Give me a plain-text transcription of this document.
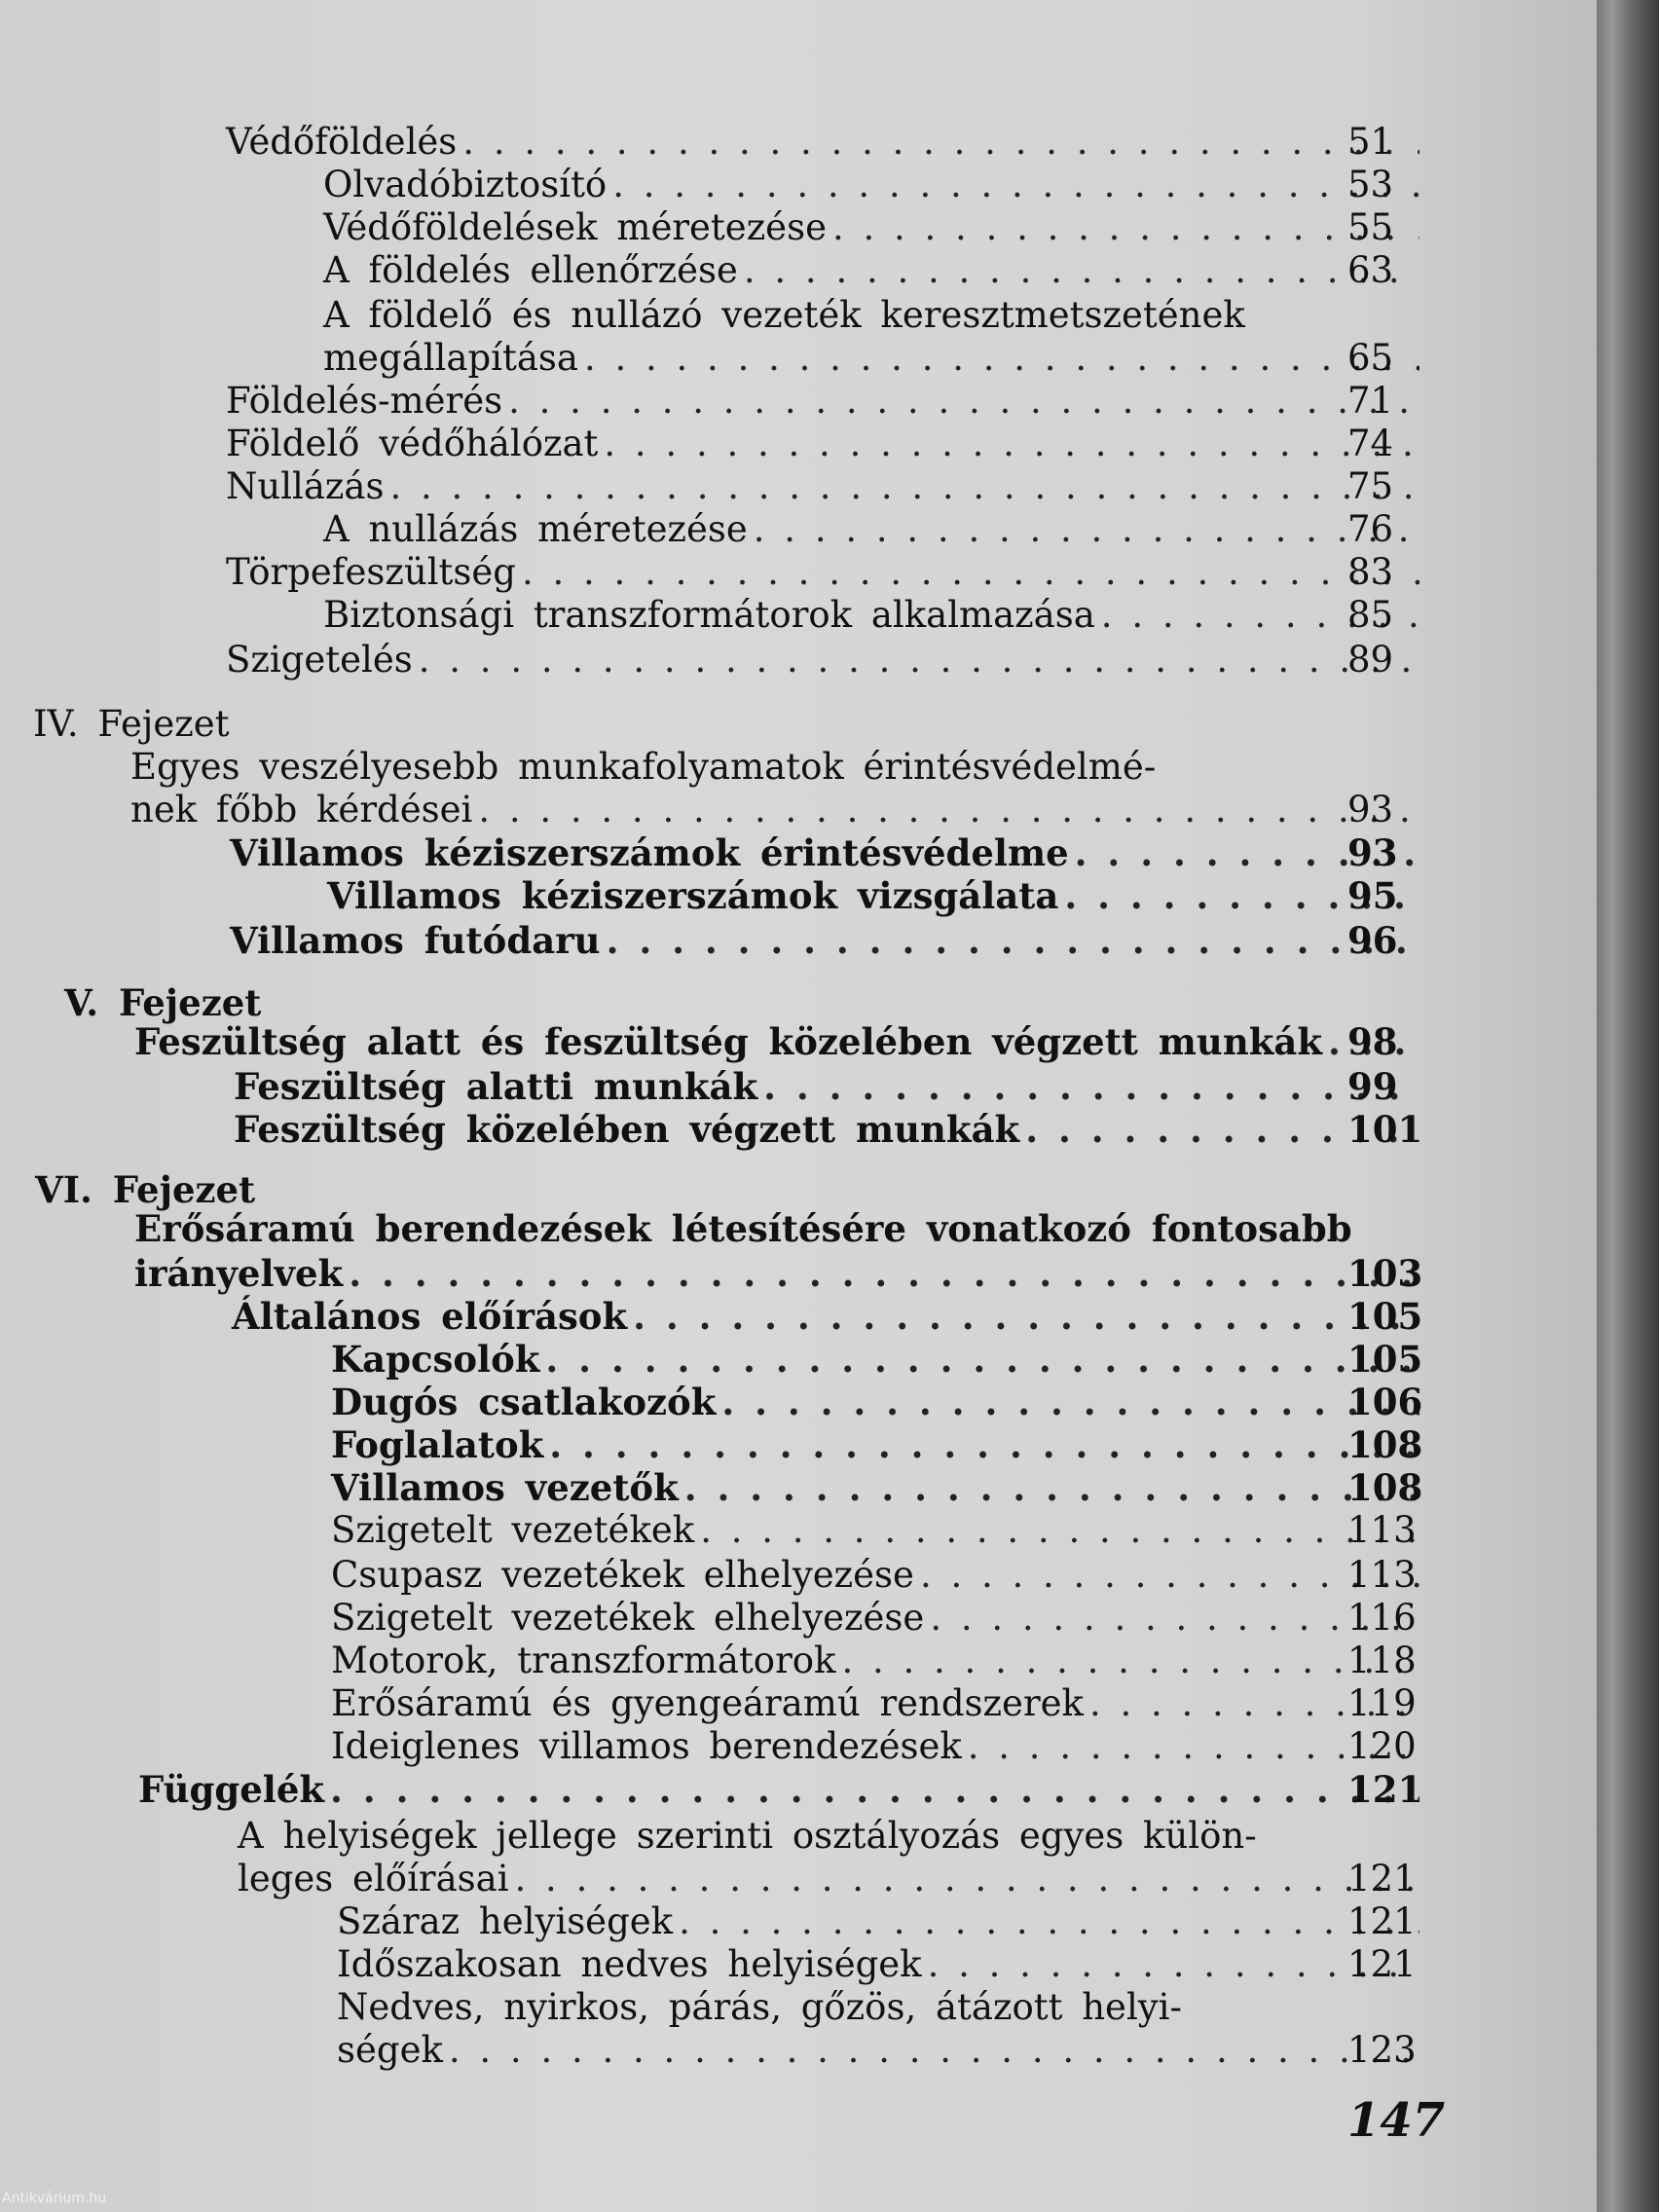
Védőföldelés . . .	51
Olvadóbiztosító . . .	53
Védőföldelések méretezése . . .	55
A földelés ellenőrzése . . .	63
A földelő és nullázó vezeték keresztmetszetének
megállapítása . . .	65
Földelés-mérés . . .	71
Földelő védőhálózat . . .	74
Nullázás . . .	75
A nullázás méretezése . . .	76
Törpefeszültség . . .	83
Biztonsági transzformátorok alkalmazása . . .	85
Szigetelés . . .	89
IV. Fejezet
Egyes veszélyesebb munkafolyamatok érintésvédelmé-
nek főbb kérdései . . .	93
Villamos kéziszerszámok érintésvédelme . . .	93
Villamos kéziszerszámok vizsgálata . . .	95
Villamos futódaru . . .	96
V. Fejezet
Feszültség alatt és feszültség közelében végzett munkák . . . 98
Feszültség alatti munkák . . .	99
Feszültség közelében végzett munkák . . .	101
VI. Fejezet
Erősáramú berendezések létesítésére vonatkozó fontosabb
irányelvek . . .	103
Általános előírások . . .	105
Kapcsolók . . .	105
Dugós csatlakozók . . .	106
Foglalatok . . .	108
Villamos vezetők . . .	108
Szigetelt vezetékek . . .	113
Csupasz vezetékek elhelyezése . . .	113
Szigetelt vezetékek elhelyezése . . .	116
Motorok, transzformátorok . . .	118
Erősáramú és gyengeáramú rendszerek . . .	119
Ideiglenes villamos berendezések . . .	120
Függelék . . .	121
A helyiségek jellege szerinti osztályozás egyes külön-
leges előírásai . . .	121
Száraz helyiségek . . .	121
Időszakosan nedves helyiségek . . .	121
Nedves, nyirkos, párás, gőzös, átázott helyi-
ségek . . .	123
147
Antikvárium.hu
